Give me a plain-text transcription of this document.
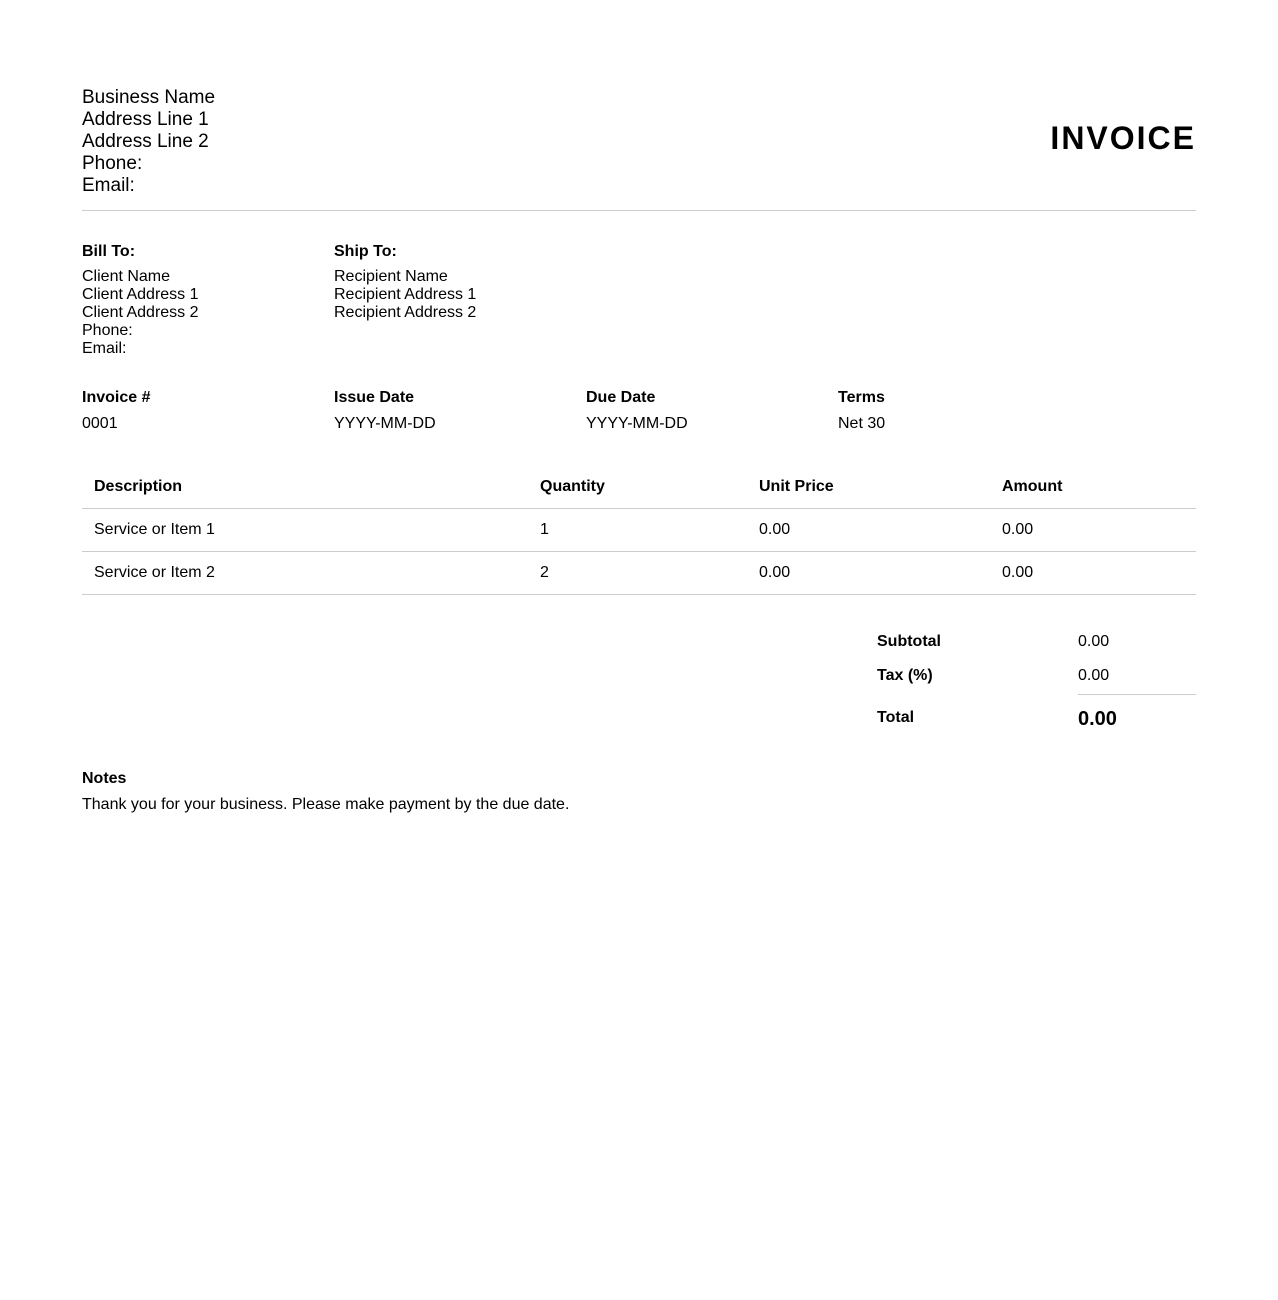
Business Name
Address Line 1
Address Line 2
Phone:
Email:
INVOICE
Bill To:
Client Name
Client Address 1
Client Address 2
Phone:
Email:
Ship To:
Recipient Name
Recipient Address 1
Recipient Address 2
Invoice #
0001
Issue Date
YYYY-MM-DD
Due Date
YYYY-MM-DD
Terms
Net 30
Description	Quantity	Unit Price	Amount
Service or Item 1	1	0.00	0.00
Service or Item 2	2	0.00	0.00
Subtotal	0.00
Tax (%)	0.00
Total	0.00
Notes
Thank you for your business. Please make payment by the due date.
